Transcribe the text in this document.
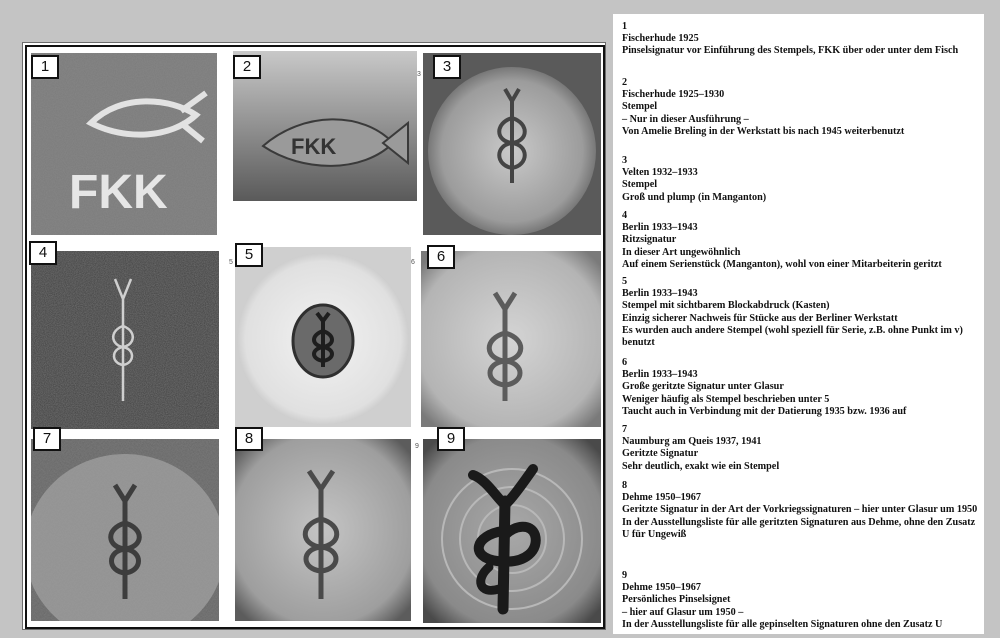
FKK
1
FKK
2	3	3
4
5 5	6	6
7	8	9	9
1
Fischerhude 1925
Pinselsignatur vor Einführung des Stempels, FKK über oder unter dem Fisch
2
Fischerhude 1925–1930
Stempel
– Nur in dieser Ausführung –
Von Amelie Breling in der Werkstatt bis nach 1945 weiterbenutzt
3
Velten 1932–1933
Stempel
Groß und plump (in Manganton)
4
Berlin 1933–1943
Ritzsignatur
In dieser Art ungewöhnlich
Auf einem Serienstück (Manganton), wohl von einer Mitarbeiterin geritzt
5
Berlin 1933–1943
Stempel mit sichtbarem Blockabdruck (Kasten)
Einzig sicherer Nachweis für Stücke aus der Berliner Werkstatt
Es wurden auch andere Stempel (wohl speziell für Serie, z.B. ohne Punkt im v) benutzt
6
Berlin 1933–1943
Große geritzte Signatur unter Glasur
Weniger häufig als Stempel beschrieben unter 5
Taucht auch in Verbindung mit der Datierung 1935 bzw. 1936 auf
7
Naumburg am Queis 1937, 1941
Geritzte Signatur
Sehr deutlich, exakt wie ein Stempel
8
Dehme 1950–1967
Geritzte Signatur in der Art der Vorkriegssignaturen – hier unter Glasur um 1950
In der Ausstellungsliste für alle geritzten Signaturen aus Dehme, ohne den Zusatz U für Ungewiß
9
Dehme 1950–1967
Persönliches Pinselsignet
– hier auf Glasur um 1950 –
In der Ausstellungsliste für alle gepinselten Signaturen ohne den Zusatz U
